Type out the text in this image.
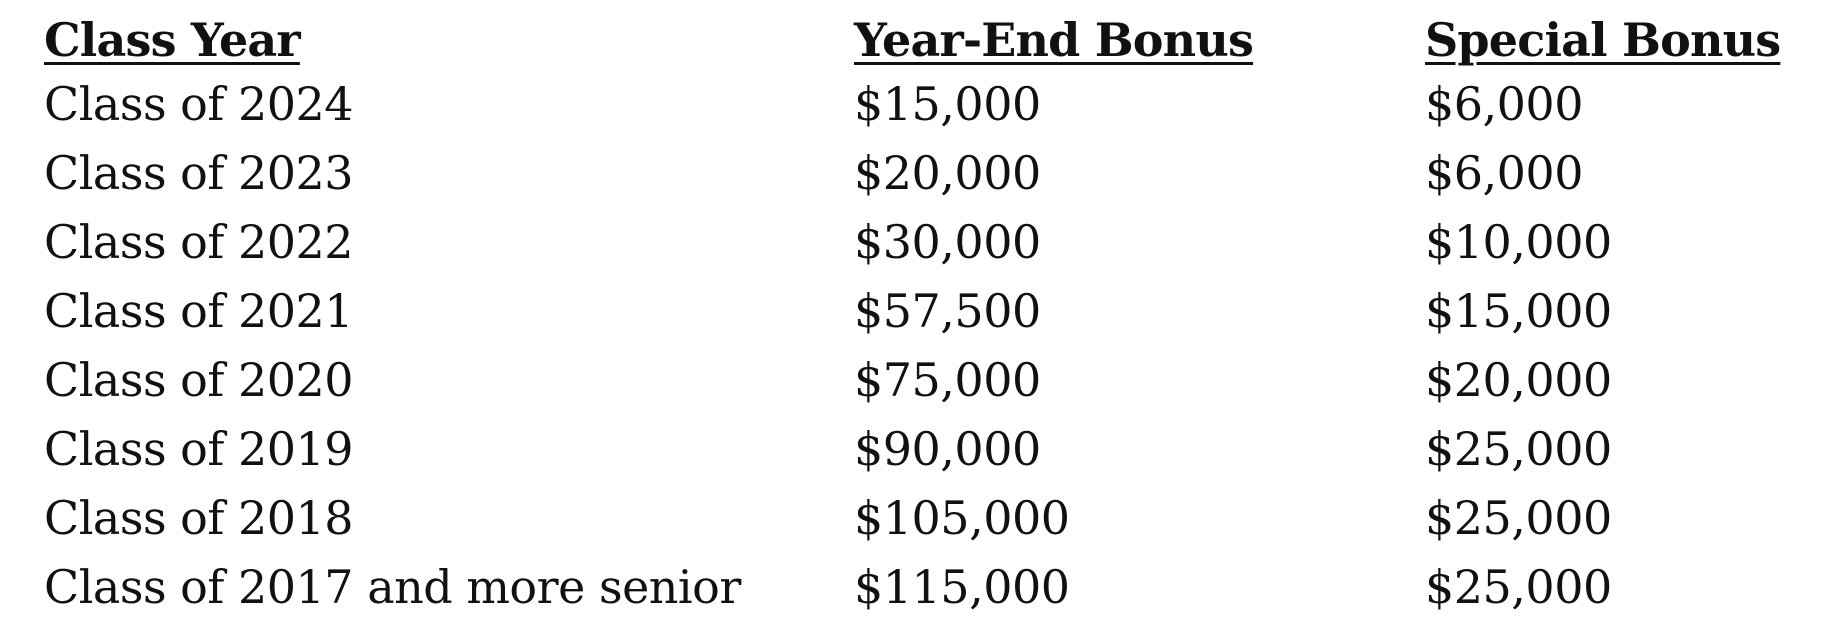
Class Year	Year-End Bonus	Special Bonus
Class of 2024	$15,000	$6,000
Class of 2023	$20,000	$6,000
Class of 2022	$30,000	$10,000
Class of 2021	$57,500	$15,000
Class of 2020	$75,000	$20,000
Class of 2019	$90,000	$25,000
Class of 2018	$105,000	$25,000
Class of 2017 and more senior	$115,000	$25,000
